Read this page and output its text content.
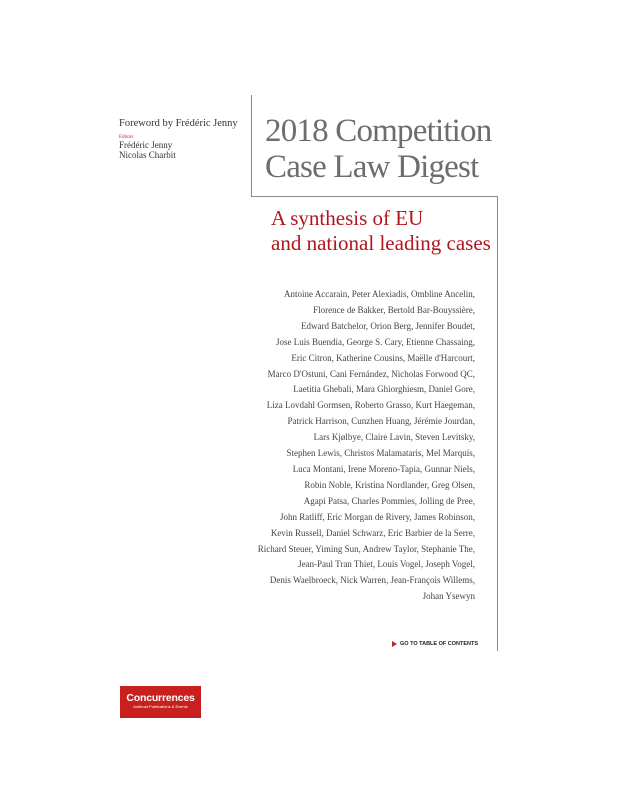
Foreword by Frédéric Jenny
Editors
Frédéric Jenny
Nicolas Charbit
2018 Competition
Case Law Digest
A synthesis of EU
and national leading cases
Antoine Accarain, Peter Alexiadis, Ombline Ancelin,
Florence de Bakker, Bertold Bar-Bouyssière,
Edward Batchelor, Orion Berg, Jennifer Boudet,
Jose Luis Buendia, George S. Cary, Etienne Chassaing,
Eric Citron, Katherine Cousins, Maëlle d'Harcourt,
Marco D'Ostuni, Cani Fernández, Nicholas Forwood QC,
Laetitia Ghebali, Mara Ghiorghiesm, Daniel Gore,
Liza Lovdahl Gormsen, Roberto Grasso, Kurt Haegeman,
Patrick Harrison, Cunzhen Huang, Jérémie Jourdan,
Lars Kjølbye, Claire Lavin, Steven Levitsky,
Stephen Lewis, Christos Malamataris, Mel Marquis,
Luca Montani, Irene Moreno-Tapia, Gunnar Niels,
Robin Noble, Kristina Nordlander, Greg Olsen,
Agapi Patsa, Charles Pommies, Jolling de Pree,
John Ratliff, Eric Morgan de Rivery, James Robinson,
Kevin Russell, Daniel Schwarz, Eric Barbier de la Serre,
Richard Steuer, Yiming Sun, Andrew Taylor, Stephanie The,
Jean-Paul Tran Thiet, Louis Vogel, Joseph Vogel,
Denis Waelbroeck, Nick Warren, Jean-François Willems,
Johan Ysewyn
GO TO TABLE OF CONTENTS
Concurrences
Antitrust Publications & Events
